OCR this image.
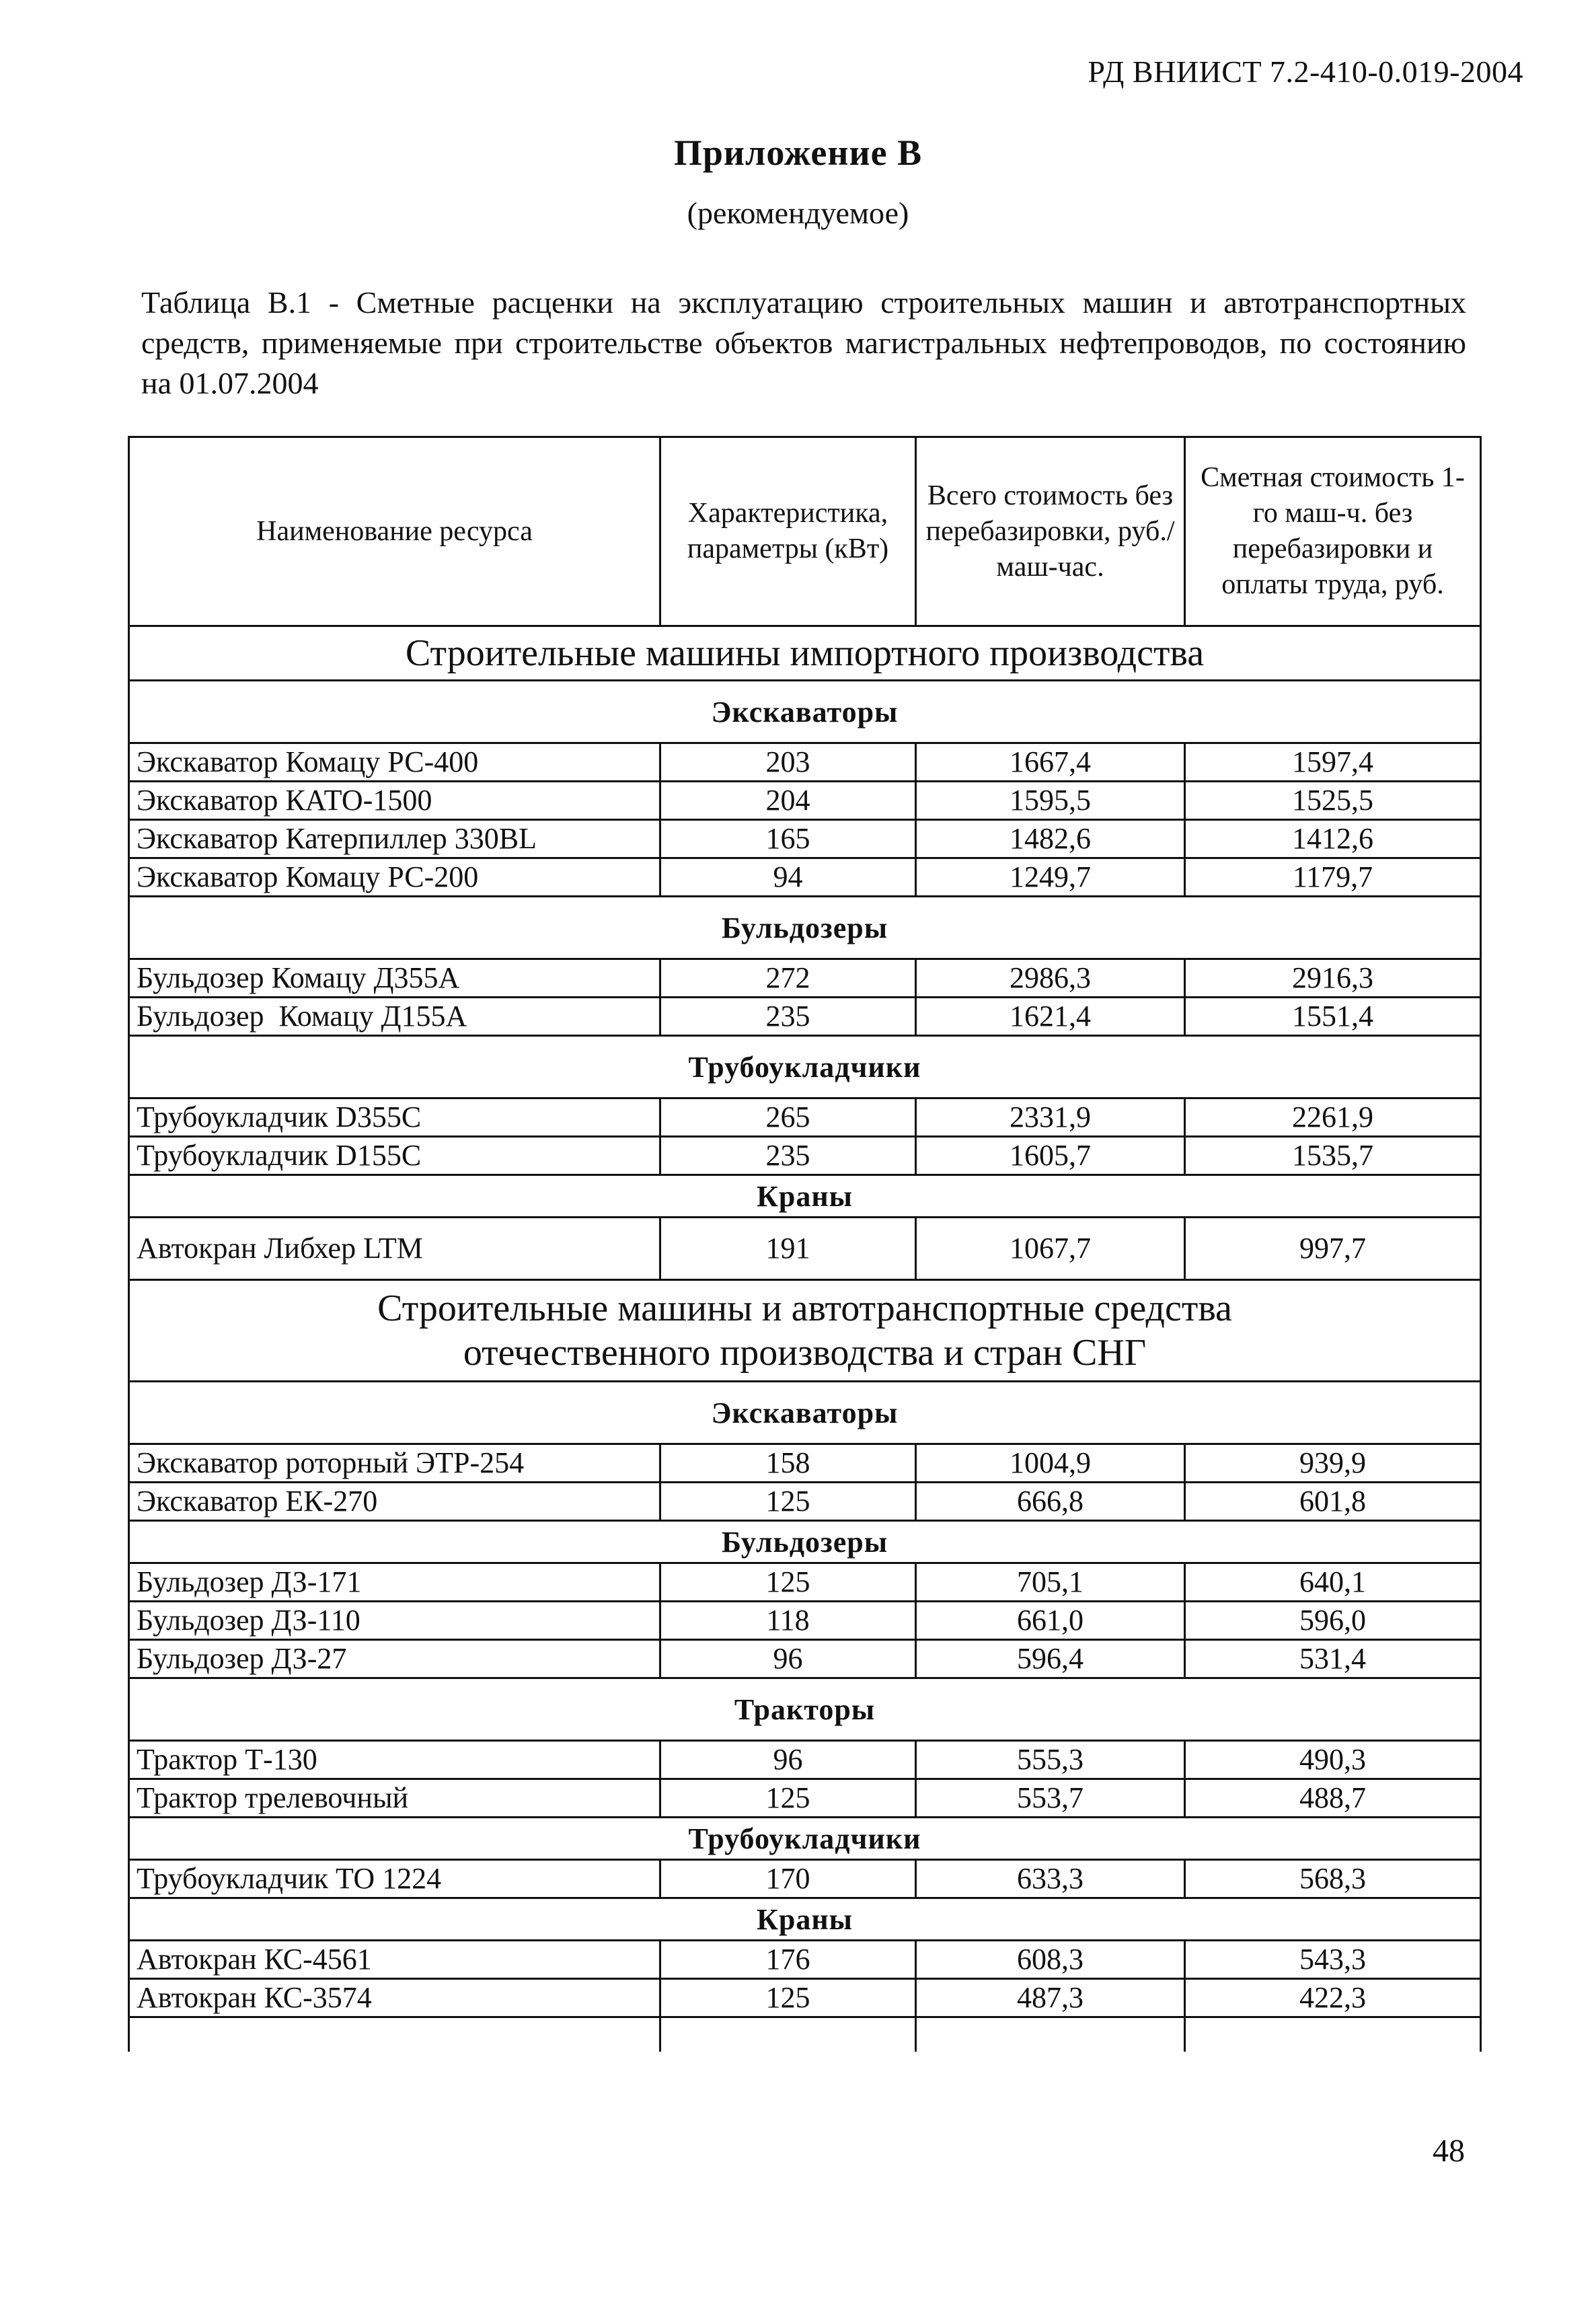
РД ВНИИСТ 7.2-410-0.019-2004
Приложение В
(рекомендуемое)
Таблица В.1 - Сметные расценки на эксплуатацию строительных машин и автотранспортных средств, применяемые при строительстве объектов магистральных нефтепроводов, по состоянию на 01.07.2004
Наименование ресурса	Характеристика, параметры (кВт)	Всего стоимость без перебазировки, руб./маш-час.	Сметная стоимость 1-го маш-ч. без перебазировки и оплаты труда, руб.
Строительные машины импортного производства			
Экскаваторы			
Экскаватор Комацу РС-400	203	1667,4	1597,4
Экскаватор КАТО-1500	204	1595,5	1525,5
Экскаватор Катерпиллер 330BL	165	1482,6	1412,6
Экскаватор Комацу РС-200	94	1249,7	1179,7
Бульдозеры			
Бульдозер Комацу Д355А	272	2986,3	2916,3
Бульдозер  Комацу Д155А	235	1621,4	1551,4
Трубоукладчики			
Трубоукладчик D355C	265	2331,9	2261,9
Трубоукладчик D155C	235	1605,7	1535,7
Краны			
Автокран Либхер LTM	191	1067,7	997,7
Строительные машины и автотранспортные средства отечественного производства и стран СНГ			
Экскаваторы			
Экскаватор роторный ЭТР-254	158	1004,9	939,9
Экскаватор ЕК-270	125	666,8	601,8
Бульдозеры			
Бульдозер ДЗ-171	125	705,1	640,1
Бульдозер ДЗ-110	118	661,0	596,0
Бульдозер ДЗ-27	96	596,4	531,4
Тракторы			
Трактор Т-130	96	555,3	490,3
Трактор трелевочный	125	553,7	488,7
Трубоукладчики			
Трубоукладчик ТО 1224	170	633,3	568,3
Краны			
Автокран КС-4561	176	608,3	543,3
Автокран КС-3574	125	487,3	422,3

48
